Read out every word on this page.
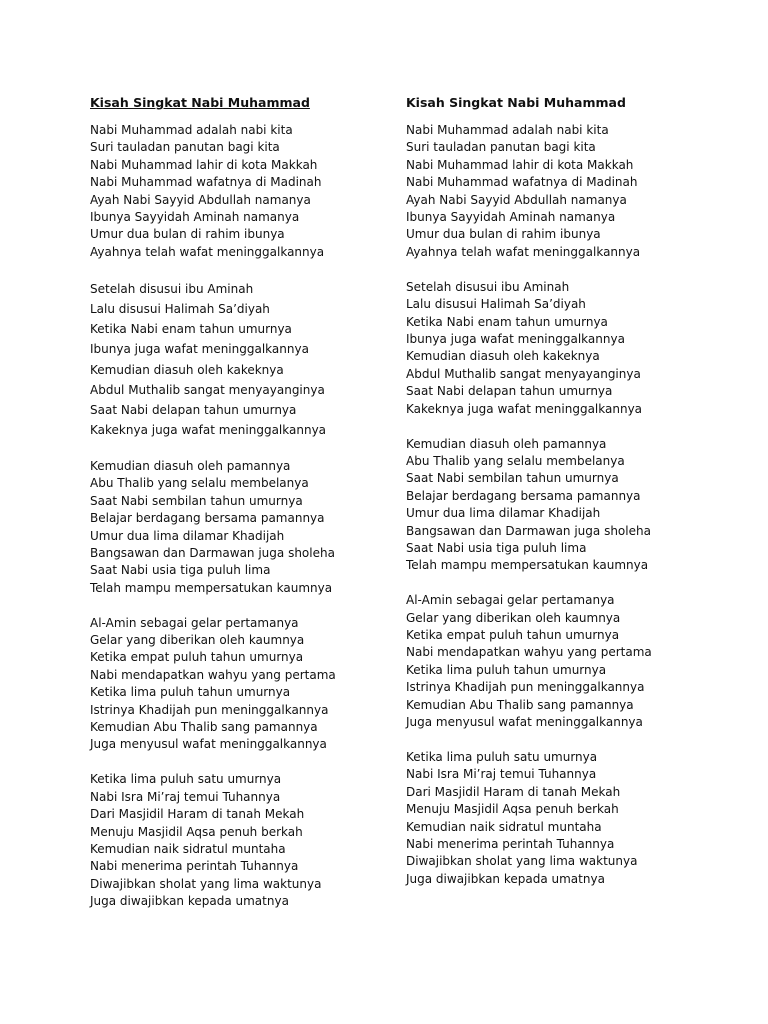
Kisah Singkat Nabi Muhammad
Nabi Muhammad adalah nabi kita
Suri tauladan panutan bagi kita
Nabi Muhammad lahir di kota Makkah
Nabi Muhammad wafatnya di Madinah
Ayah Nabi Sayyid Abdullah namanya
Ibunya Sayyidah Aminah namanya
Umur dua bulan di rahim ibunya
Ayahnya telah wafat meninggalkannya
Setelah disusui ibu Aminah
Lalu disusui Halimah Sa’diyah
Ketika Nabi enam tahun umurnya
Ibunya juga wafat meninggalkannya
Kemudian diasuh oleh kakeknya
Abdul Muthalib sangat menyayanginya
Saat Nabi delapan tahun umurnya
Kakeknya juga wafat meninggalkannya
Kemudian diasuh oleh pamannya
Abu Thalib yang selalu membelanya
Saat Nabi sembilan tahun umurnya
Belajar berdagang bersama pamannya
Umur dua lima dilamar Khadijah
Bangsawan dan Darmawan juga sholeha
Saat Nabi usia tiga puluh lima
Telah mampu mempersatukan kaumnya
Al-Amin sebagai gelar pertamanya
Gelar yang diberikan oleh kaumnya
Ketika empat puluh tahun umurnya
Nabi mendapatkan wahyu yang pertama
Ketika lima puluh tahun umurnya
Istrinya Khadijah pun meninggalkannya
Kemudian Abu Thalib sang pamannya
Juga menyusul wafat meninggalkannya
Ketika lima puluh satu umurnya
Nabi Isra Mi’raj temui Tuhannya
Dari Masjidil Haram di tanah Mekah
Menuju Masjidil Aqsa penuh berkah
Kemudian naik sidratul muntaha
Nabi menerima perintah Tuhannya
Diwajibkan sholat yang lima waktunya
Juga diwajibkan kepada umatnya
Kisah Singkat Nabi Muhammad
Nabi Muhammad adalah nabi kita
Suri tauladan panutan bagi kita
Nabi Muhammad lahir di kota Makkah
Nabi Muhammad wafatnya di Madinah
Ayah Nabi Sayyid Abdullah namanya
Ibunya Sayyidah Aminah namanya
Umur dua bulan di rahim ibunya
Ayahnya telah wafat meninggalkannya
Setelah disusui ibu Aminah
Lalu disusui Halimah Sa’diyah
Ketika Nabi enam tahun umurnya
Ibunya juga wafat meninggalkannya
Kemudian diasuh oleh kakeknya
Abdul Muthalib sangat menyayanginya
Saat Nabi delapan tahun umurnya
Kakeknya juga wafat meninggalkannya
Kemudian diasuh oleh pamannya
Abu Thalib yang selalu membelanya
Saat Nabi sembilan tahun umurnya
Belajar berdagang bersama pamannya
Umur dua lima dilamar Khadijah
Bangsawan dan Darmawan juga sholeha
Saat Nabi usia tiga puluh lima
Telah mampu mempersatukan kaumnya
Al-Amin sebagai gelar pertamanya
Gelar yang diberikan oleh kaumnya
Ketika empat puluh tahun umurnya
Nabi mendapatkan wahyu yang pertama
Ketika lima puluh tahun umurnya
Istrinya Khadijah pun meninggalkannya
Kemudian Abu Thalib sang pamannya
Juga menyusul wafat meninggalkannya
Ketika lima puluh satu umurnya
Nabi Isra Mi’raj temui Tuhannya
Dari Masjidil Haram di tanah Mekah
Menuju Masjidil Aqsa penuh berkah
Kemudian naik sidratul muntaha
Nabi menerima perintah Tuhannya
Diwajibkan sholat yang lima waktunya
Juga diwajibkan kepada umatnya
